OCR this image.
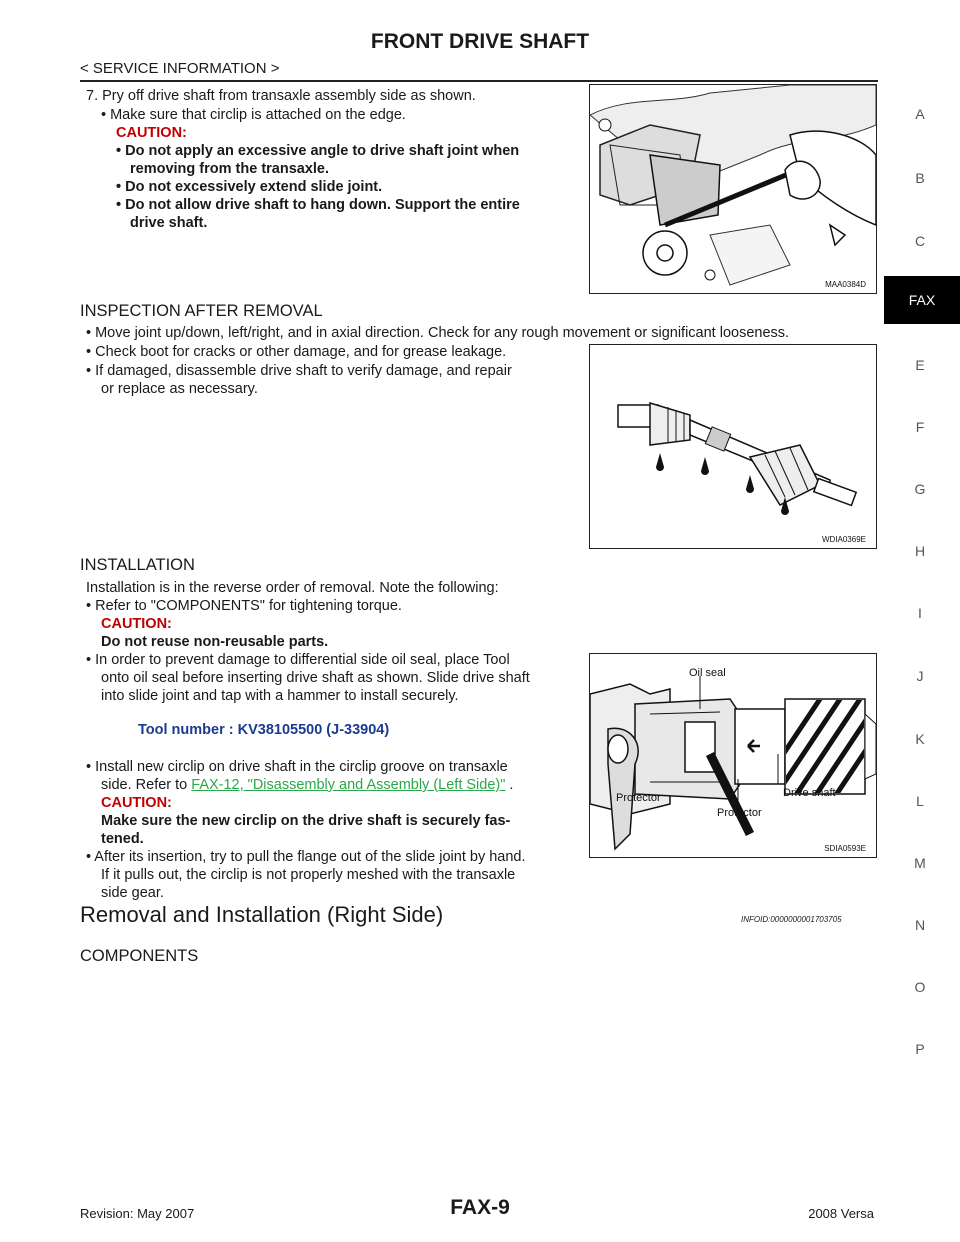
FRONT DRIVE SHAFT
< SERVICE INFORMATION >
A
B
C
FAX
E
F
G
H
I
J
K
L
M
N
O
P
7. Pry off drive shaft from transaxle assembly side as shown.
• Make sure that circlip is attached on the edge.
CAUTION:
• Do not apply an excessive angle to drive shaft joint when
removing from the transaxle.
• Do not excessively extend slide joint.
• Do not allow drive shaft to hang down. Support the entire
drive shaft.
MAA0384D
INSPECTION AFTER REMOVAL
• Move joint up/down, left/right, and in axial direction. Check for any rough movement or significant looseness.
• Check boot for cracks or other damage, and for grease leakage.
• If damaged, disassemble drive shaft to verify damage, and repair
or replace as necessary.
WDIA0369E
INSTALLATION
Installation is in the reverse order of removal. Note the following:
• Refer to "COMPONENTS" for tightening torque.
CAUTION:
Do not reuse non-reusable parts.
• In order to prevent damage to differential side oil seal, place Tool
onto oil seal before inserting drive shaft as shown. Slide drive shaft
into slide joint and tap with a hammer to install securely.
Tool number : KV38105500 (J-33904)
• Install new circlip on drive shaft in the circlip groove on transaxle
side. Refer to FAX-12, "Disassembly and Assembly (Left Side)" .
CAUTION:
Make sure the new circlip on the drive shaft is securely fas-
tened.
• After its insertion, try to pull the flange out of the slide joint by hand.
If it pulls out, the circlip is not properly meshed with the transaxle
side gear.
Oil seal
Protector
Protector
Drive shaft
SDIA0593E
Removal and Installation (Right Side)	INFOID:0000000001703705
COMPONENTS
Revision: May 2007	FAX-9	2008 Versa
